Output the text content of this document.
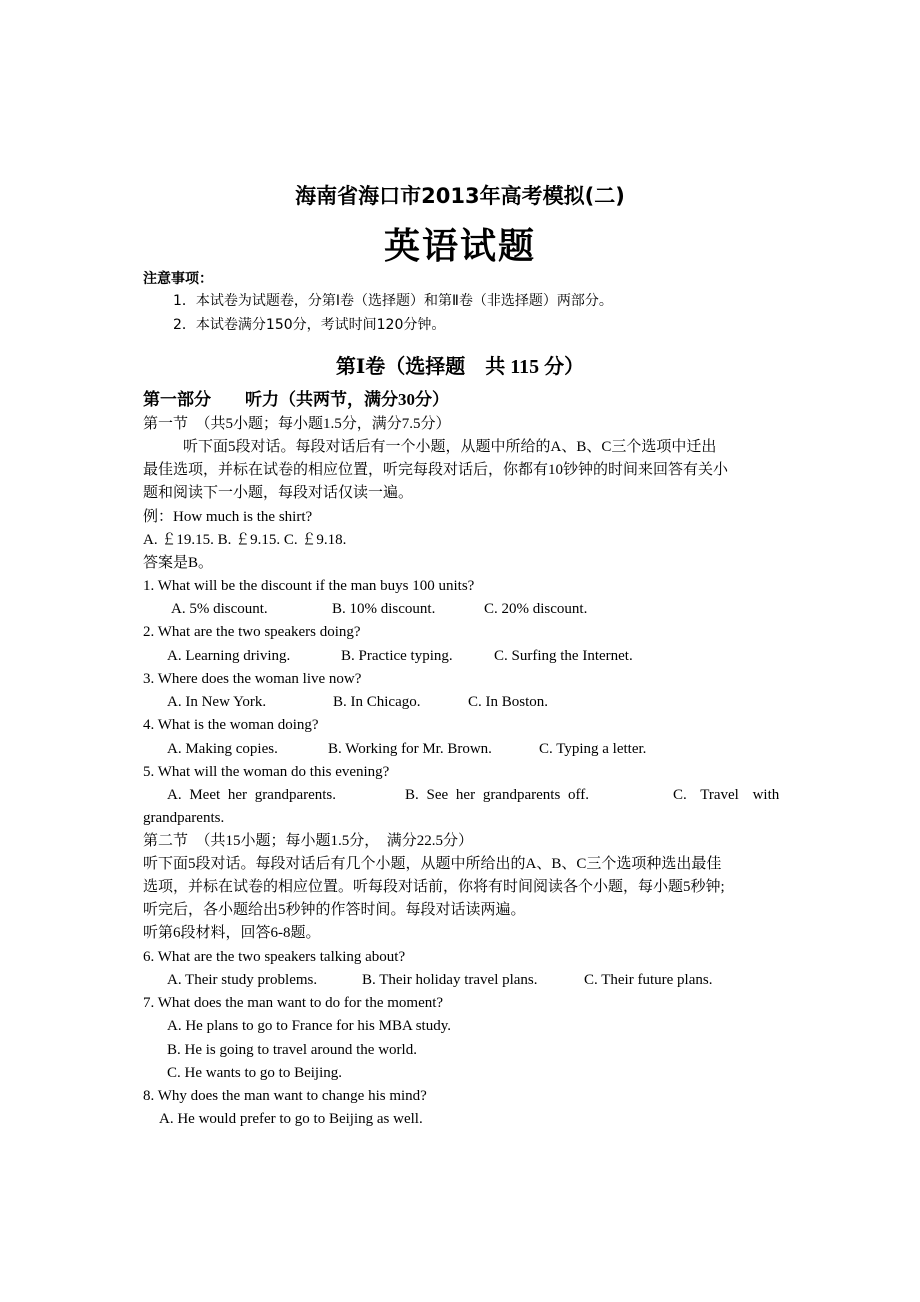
海南省海口市2013年高考模拟(二)
英语试题
注意事项：
1．本试卷为试题卷，分第Ⅰ卷（选择题）和第Ⅱ卷（非选择题）两部分。
2．本试卷满分150分，考试时间120分钟。
第Ⅰ卷（选择题　共 115 分）
第一部分　　听力（共两节，满分30分）
第一节　（共5小题；每小题1.5分，满分7.5分）
听下面5段对话。每段对话后有一个小题，从题中所给的A、B、C三个选项中迁出
最佳选项，并标在试卷的相应位置，听完每段对话后，你都有10钞钟的时间来回答有关小
题和阅读下一小题，每段对话仅读一遍。
例：How much is the shirt?
A. ￡19.15. B. ￡9.15. C. ￡9.18.
答案是B。
1. What will be the discount if the man buys 100 units?
A. 5% discount.	B. 10% discount.	C. 20% discount.
2. What are the two speakers doing?
A. Learning driving.	B. Practice typing.	C. Surfing the Internet.
3. Where does the woman live now?
A. In New York.	B. In Chicago.	C. In Boston.
4. What is the woman doing?
A. Making copies.	B. Working for Mr. Brown.	C. Typing a letter.
5. What will the woman do this evening?
A. Meet her grandparents.	B. See her grandparents off.	C. Travel with
grandparents.
第二节　（共15小题；每小题1.5分，　满分22.5分）
听下面5段对话。每段对话后有几个小题，从题中所给出的A、B、C三个选项种选出最佳
选项，并标在试卷的相应位置。听每段对话前，你将有时间阅读各个小题，每小题5秒钟;
听完后，各小题给出5秒钟的作答时间。每段对话读两遍。
听第6段材料，回答6-8题。
6. What are the two speakers talking about?
A. Their study problems.	B. Their holiday travel plans.	C. Their future plans.
7. What does the man want to do for the moment?
A. He plans to go to France for his MBA study.
B. He is going to travel around the world.
C. He wants to go to Beijing.
8. Why does the man want to change his mind?
A. He would prefer to go to Beijing as well.
